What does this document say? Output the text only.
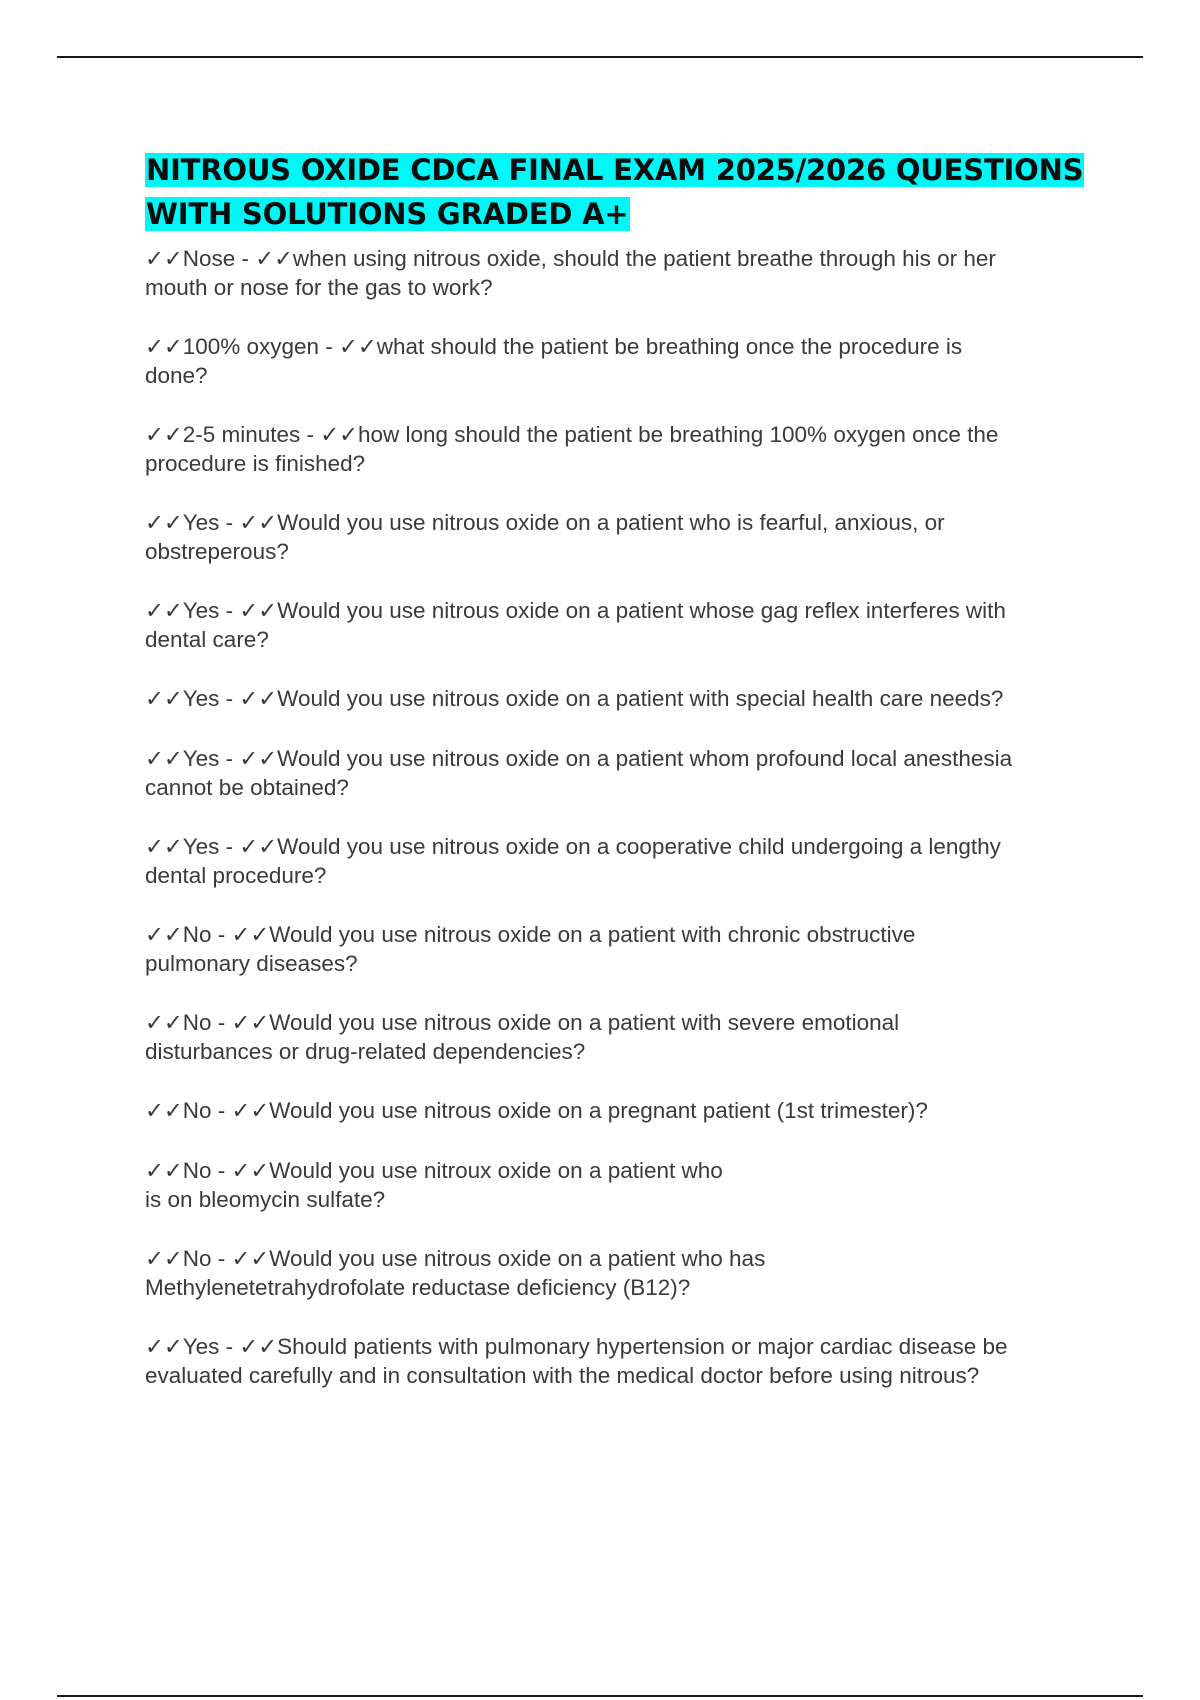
NITROUS OXIDE CDCA FINAL EXAM 2025/2026 QUESTIONS
WITH SOLUTIONS GRADED A+
✓✓Nose - ✓✓when using nitrous oxide, should the patient breathe through his or her
mouth or nose for the gas to work?
✓✓100% oxygen - ✓✓what should the patient be breathing once the procedure is
done?
✓✓2-5 minutes - ✓✓how long should the patient be breathing 100% oxygen once the
procedure is finished?
✓✓Yes - ✓✓Would you use nitrous oxide on a patient who is fearful, anxious, or
obstreperous?
✓✓Yes - ✓✓Would you use nitrous oxide on a patient whose gag reflex interferes with
dental care?
✓✓Yes - ✓✓Would you use nitrous oxide on a patient with special health care needs?
✓✓Yes - ✓✓Would you use nitrous oxide on a patient whom profound local anesthesia
cannot be obtained?
✓✓Yes - ✓✓Would you use nitrous oxide on a cooperative child undergoing a lengthy
dental procedure?
✓✓No - ✓✓Would you use nitrous oxide on a patient with chronic obstructive
pulmonary diseases?
✓✓No - ✓✓Would you use nitrous oxide on a patient with severe emotional
disturbances or drug-related dependencies?
✓✓No - ✓✓Would you use nitrous oxide on a pregnant patient (1st trimester)?
✓✓No - ✓✓Would you use nitroux oxide on a patient who
is on bleomycin sulfate?
✓✓No - ✓✓Would you use nitrous oxide on a patient who has
Methylenetetrahydrofolate reductase deficiency (B12)?
✓✓Yes - ✓✓Should patients with pulmonary hypertension or major cardiac disease be
evaluated carefully and in consultation with the medical doctor before using nitrous?
